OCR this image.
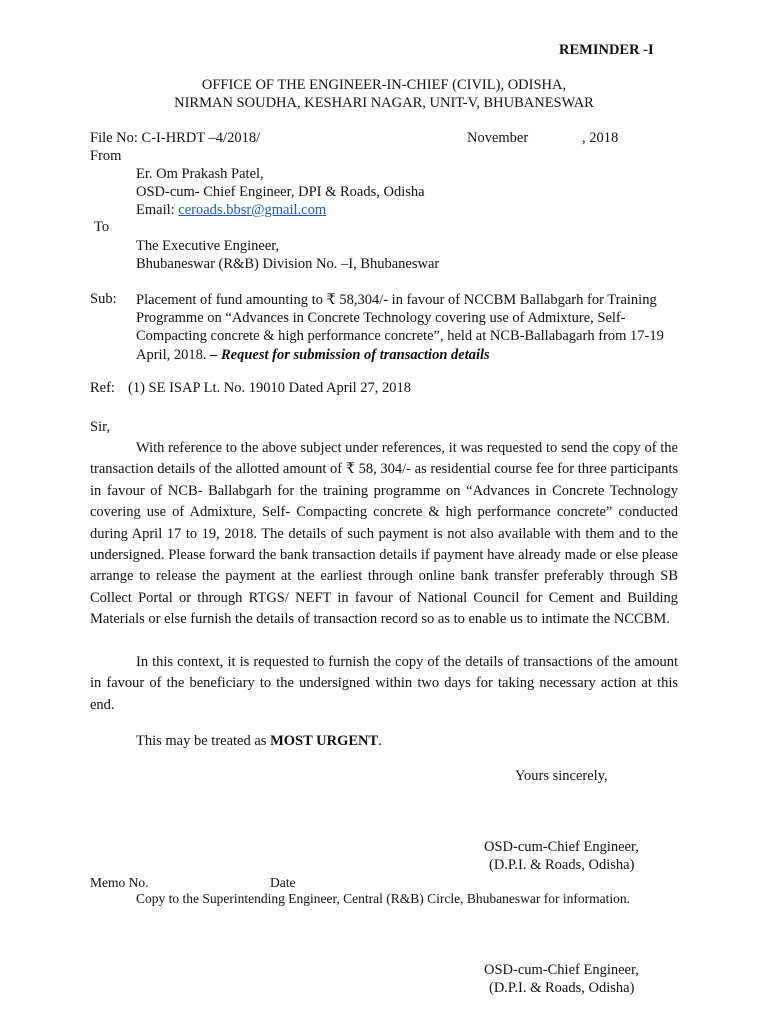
REMINDER -I
OFFICE OF THE ENGINEER-IN-CHIEF (CIVIL), ODISHA,
NIRMAN SOUDHA, KESHARI NAGAR, UNIT-V, BHUBANESWAR
File No: C-I-HRDT –4/2018/	November	, 2018
From
Er. Om Prakash Patel,
OSD-cum- Chief Engineer, DPI & Roads, Odisha
Email: ceroads.bbsr@gmail.com
To
The Executive Engineer,
Bhubaneswar (R&B) Division No. –I, Bhubaneswar
Sub: Placement of fund amounting to ₹ 58,304/- in favour of NCCBM Ballabgarh for Training Programme on “Advances in Concrete Technology covering use of Admixture, Self-Compacting concrete & high performance concrete”, held at NCB-Ballabagarh from 17-19 April, 2018. – Request for submission of transaction details
Ref: (1) SE ISAP Lt. No. 19010 Dated April 27, 2018
Sir,
With reference to the above subject under references, it was requested to send the copy of the transaction details of the allotted amount of ₹ 58, 304/- as residential course fee for three participants in favour of NCB- Ballabgarh for the training programme on “Advances in Concrete Technology covering use of Admixture, Self- Compacting concrete & high performance concrete” conducted during April 17 to 19, 2018. The details of such payment is not also available with them and to the undersigned. Please forward the bank transaction details if payment have already made or else please arrange to release the payment at the earliest through online bank transfer preferably through SB Collect Portal or through RTGS/ NEFT in favour of National Council for Cement and Building Materials or else furnish the details of transaction record so as to enable us to intimate the NCCBM.
In this context, it is requested to furnish the copy of the details of transactions of the amount in favour of the beneficiary to the undersigned within two days for taking necessary action at this end.
This may be treated as MOST URGENT.
Yours sincerely,
OSD-cum-Chief Engineer,
(D.P.I. & Roads, Odisha)
Memo No.	Date
Copy to the Superintending Engineer, Central (R&B) Circle, Bhubaneswar for information.
OSD-cum-Chief Engineer,
(D.P.I. & Roads, Odisha)
